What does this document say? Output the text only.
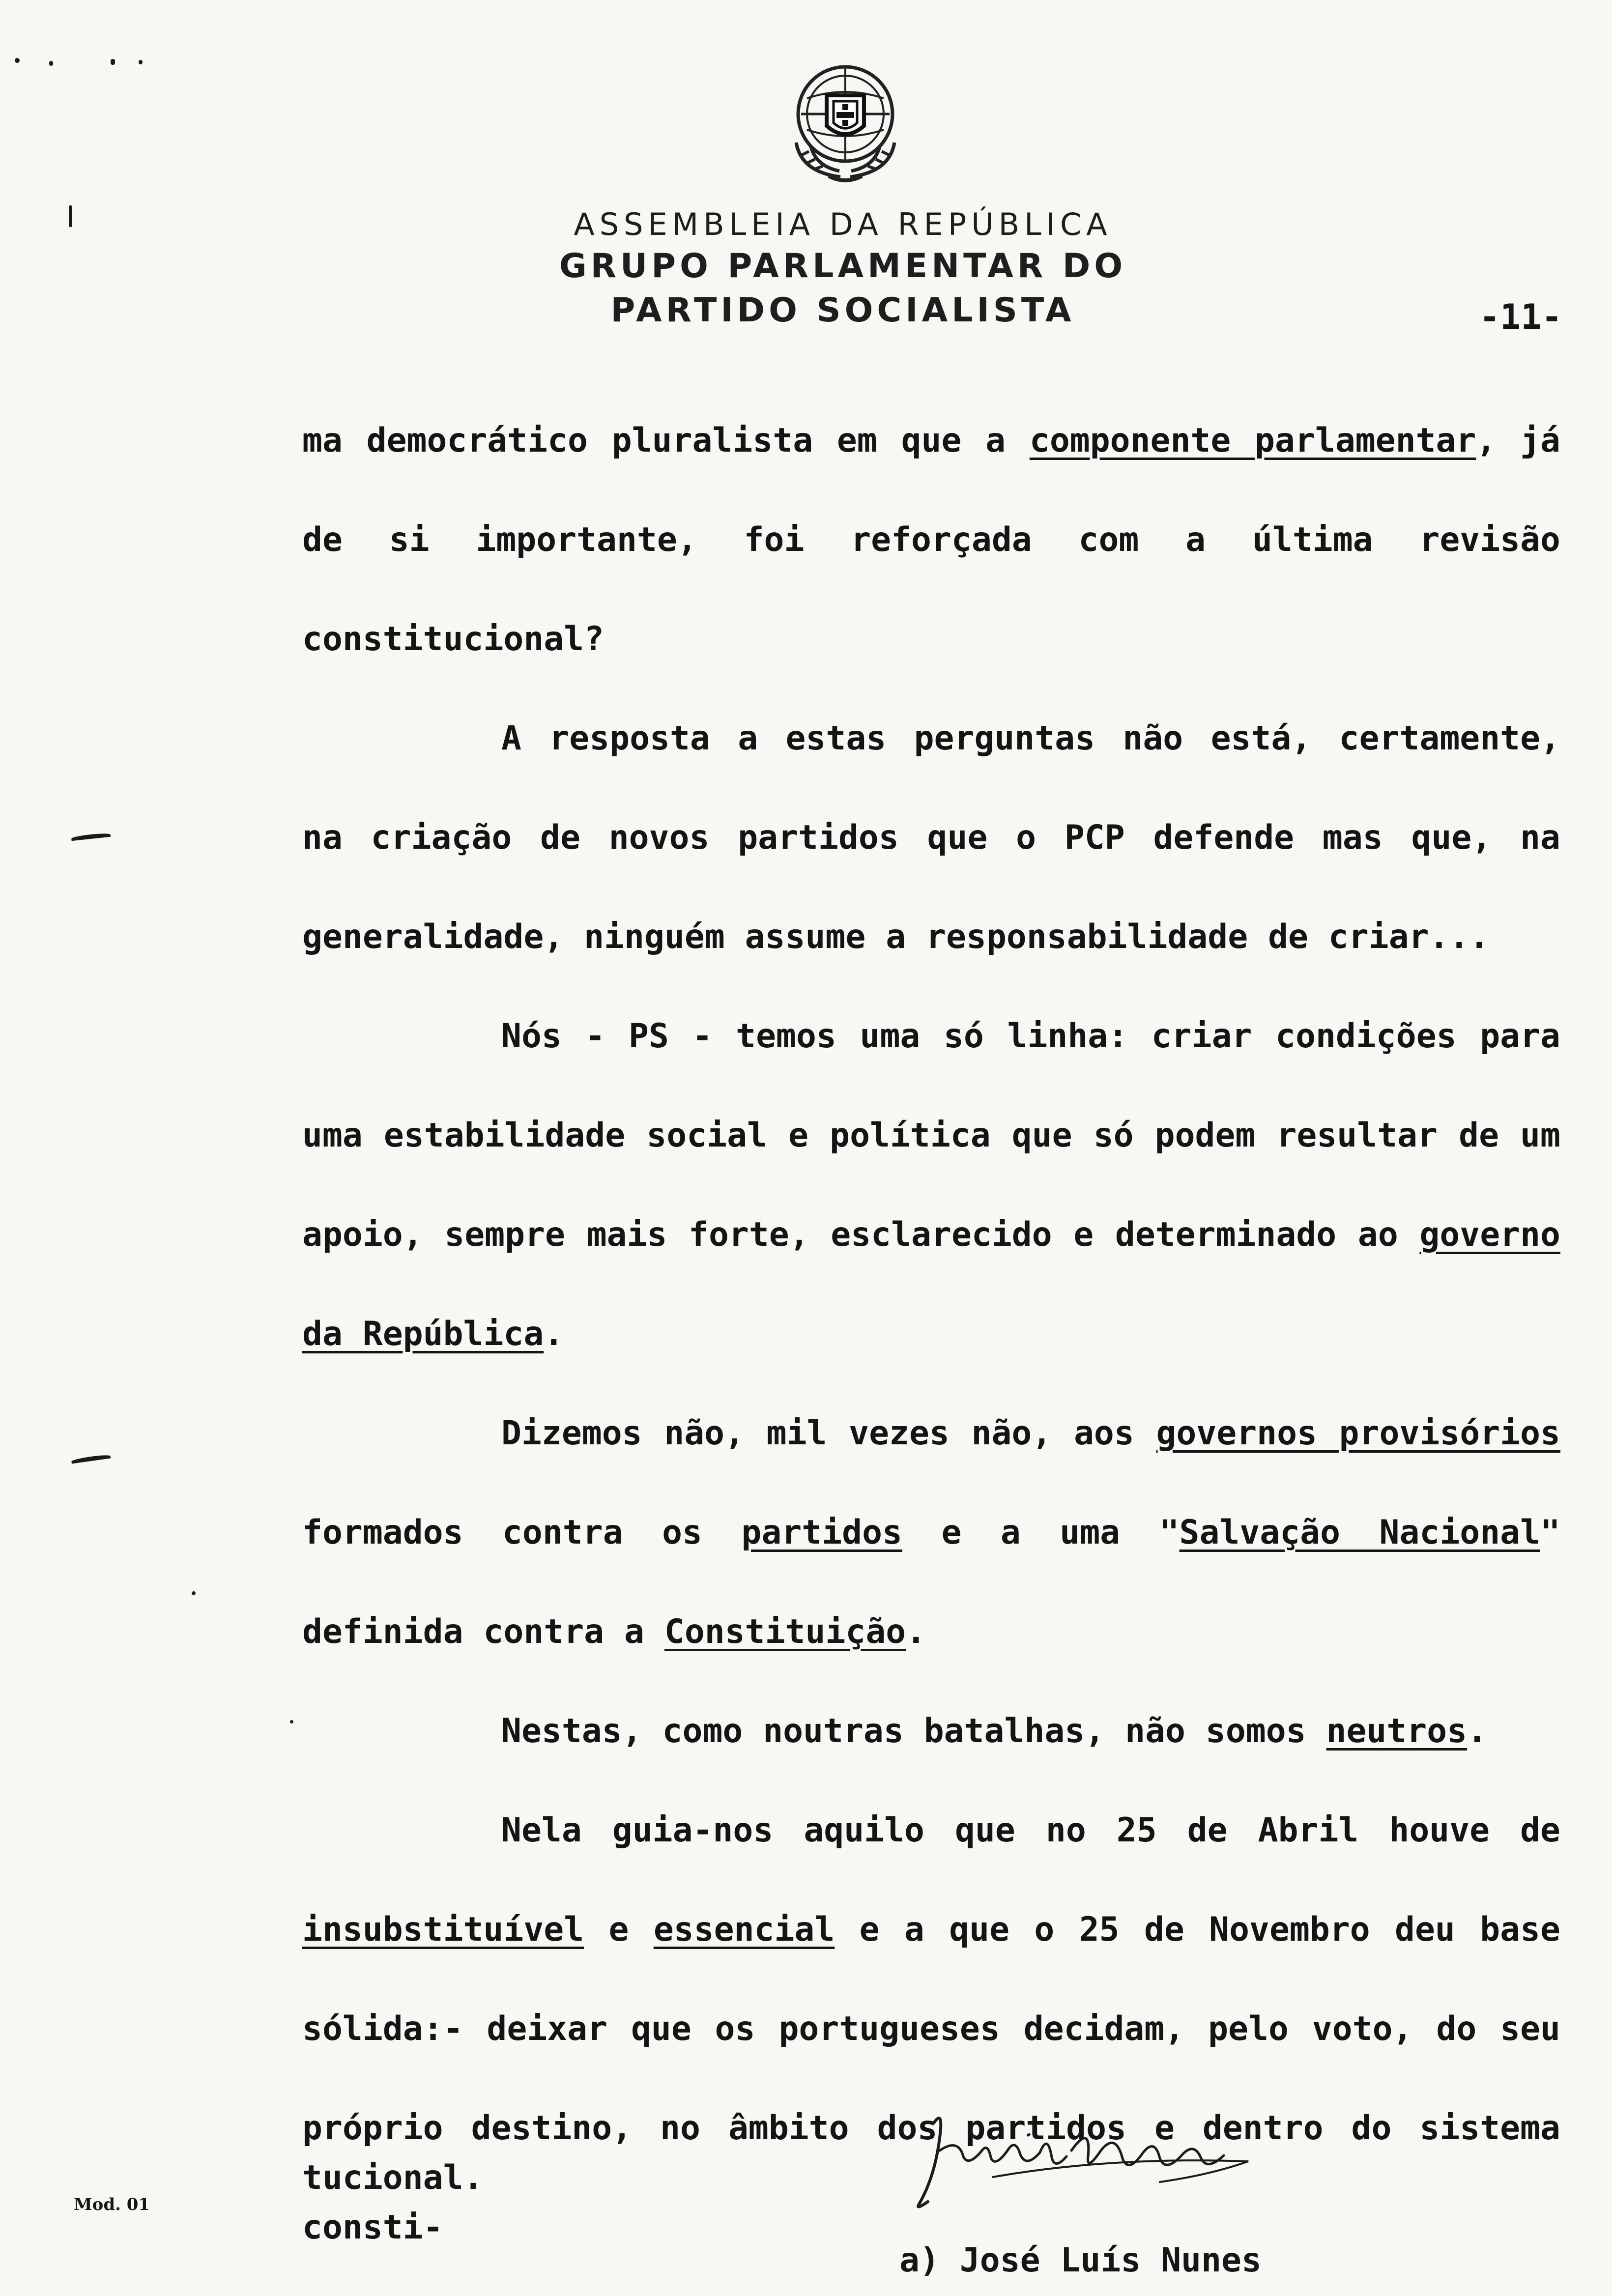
ASSEMBLEIA DA REPÚBLICA
GRUPO PARLAMENTAR DO
PARTIDO SOCIALISTA	-11-

ma democrático pluralista em que a componente parlamentar, já de si importante, foi reforçada com a última revisão constitucional?

A resposta a estas perguntas não está, certamente, na criação de novos partidos que o PCP defende mas que, na generalidade, ninguém assume a responsabilidade de criar...

Nós - PS - temos uma só linha: criar condições para uma estabilidade social e política que só podem resultar de um apoio, sempre mais forte, esclarecido e determinado ao governo da República.

Dizemos não, mil vezes não, aos governos provisórios formados contra os partidos e a uma "Salvação Nacional" definida contra a Constituição.

Nestas, como noutras batalhas, não somos neutros.

Nela guia-nos aquilo que no 25 de Abril houve de insubstituível e essencial e a que o 25 de Novembro deu base sólida:- deixar que os portugueses decidam, pelo voto, do seu próprio destino, no âmbito dos partidos e dentro do sistema consti-

tucional.
a) José Luís Nunes
Mod. 01
